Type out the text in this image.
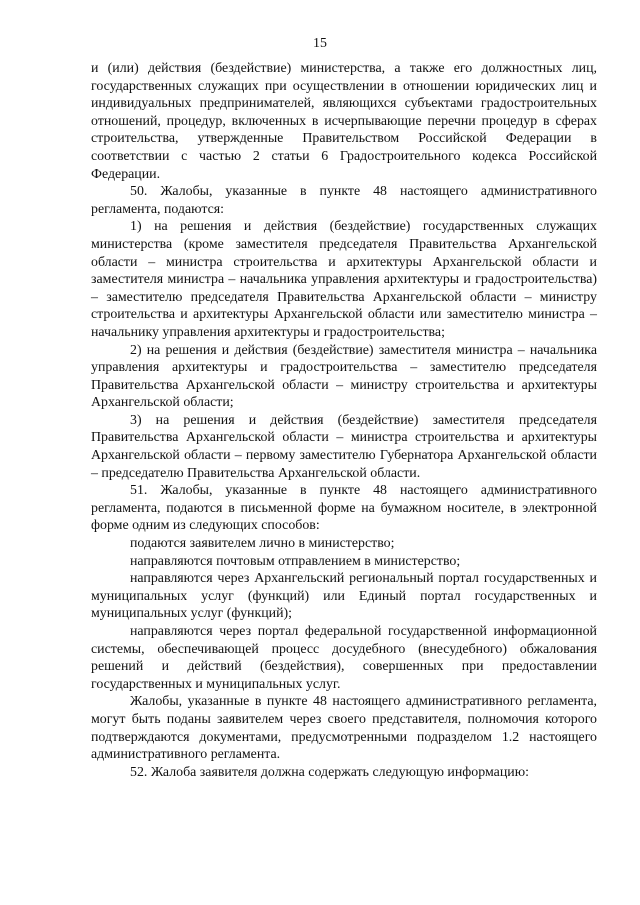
15

и (или) действия (бездействие) министерства, а также его должностных лиц, государственных служащих при осуществлении в отношении юридических лиц и индивидуальных предпринимателей, являющихся субъектами градостроительных отношений, процедур, включенных в исчерпывающие перечни процедур в сферах строительства, утвержденные Правительством Российской Федерации в соответствии с частью 2 статьи 6 Градостроительного кодекса Российской Федерации.

50. Жалобы, указанные в пункте 48 настоящего административного регламента, подаются:

1) на решения и действия (бездействие) государственных служащих министерства (кроме заместителя председателя Правительства Архангельской области – министра строительства и архитектуры Архангельской области и заместителя министра – начальника управления архитектуры и градостроительства) – заместителю председателя Правительства Архангельской области – министру строительства и архитектуры Архангельской области или заместителю министра – начальнику управления архитектуры и градостроительства;

2) на решения и действия (бездействие) заместителя министра – начальника управления архитектуры и градостроительства – заместителю председателя Правительства Архангельской области – министру строительства и архитектуры Архангельской области;

3) на решения и действия (бездействие) заместителя председателя Правительства Архангельской области – министра строительства и архитектуры Архангельской области – первому заместителю Губернатора Архангельской области – председателю Правительства Архангельской области.

51. Жалобы, указанные в пункте 48 настоящего административного регламента, подаются в письменной форме на бумажном носителе, в электронной форме одним из следующих способов:

подаются заявителем лично в министерство;

направляются почтовым отправлением в министерство;

направляются через Архангельский региональный портал государственных и муниципальных услуг (функций) или Единый портал государственных и муниципальных услуг (функций);

направляются через портал федеральной государственной информационной системы, обеспечивающей процесс досудебного (внесудебного) обжалования решений и действий (бездействия), совершенных при предоставлении государственных и муниципальных услуг.

Жалобы, указанные в пункте 48 настоящего административного регламента, могут быть поданы заявителем через своего представителя, полномочия которого подтверждаются документами, предусмотренными подразделом 1.2 настоящего административного регламента.

52. Жалоба заявителя должна содержать следующую информацию:
